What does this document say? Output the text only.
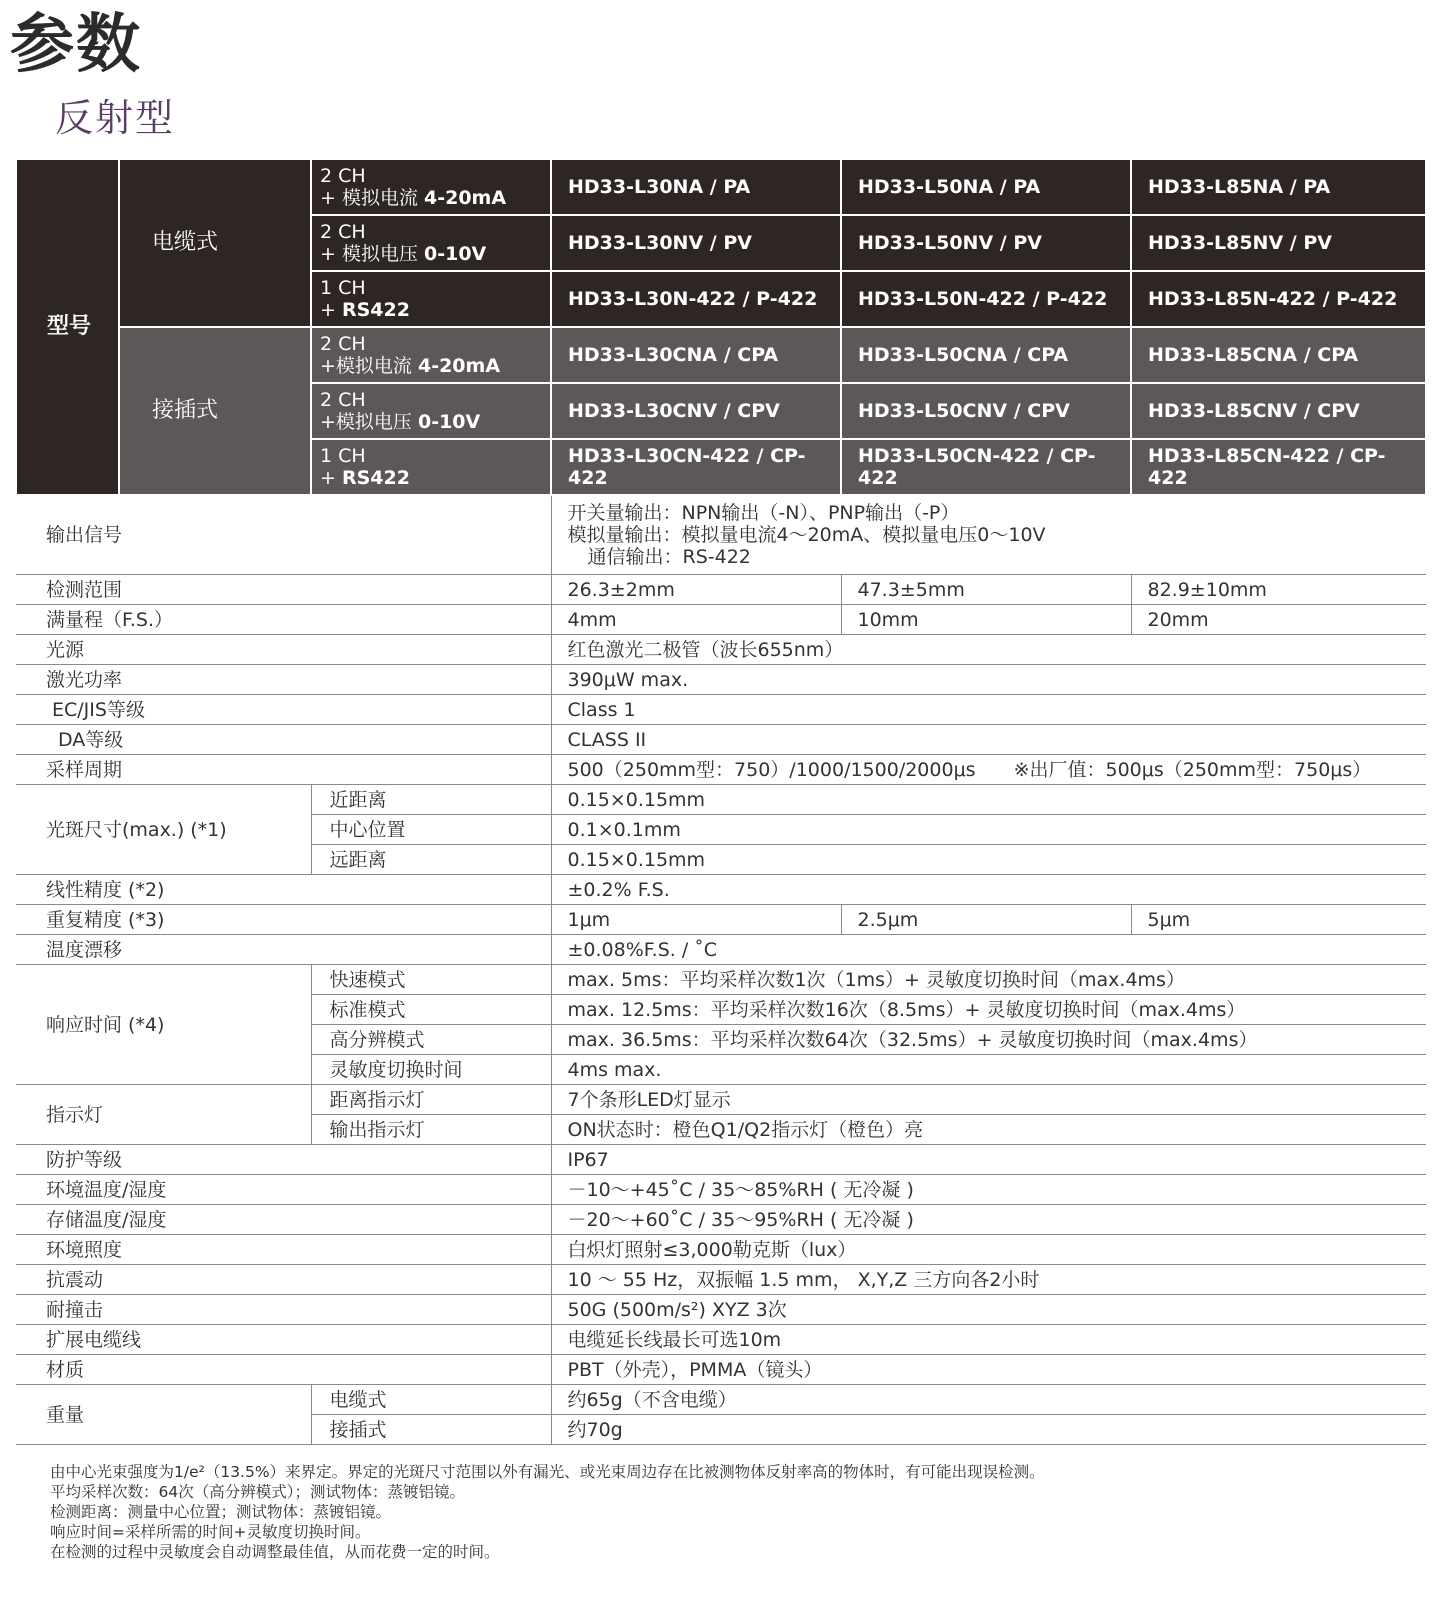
参数
反射型
型号	电缆式	2 CH
+ 模拟电流 4-20mA	HD33-L30NA / PA	HD33-L50NA / PA	HD33-L85NA / PA

		2 CH
+ 模拟电压 0-10V	HD33-L30NV / PV	HD33-L50NV / PV	HD33-L85NV / PV

		1 CH
+ RS422	HD33-L30N-422 / P-422	HD33-L50N-422 / P-422	HD33-L85N-422 / P-422
	接插式	2 CH
+模拟电流 4-20mA	HD33-L30CNA / CPA	HD33-L50CNA / CPA	HD33-L85CNA / CPA

		2 CH
+模拟电压 0-10V	HD33-L30CNV / CPV	HD33-L50CNV / CPV	HD33-L85CNV / CPV

		1 CH
+ RS422	HD33-L30CN-422 / CP-422	HD33-L50CN-422 / CP-422	HD33-L85CN-422 / CP-422
输出信号			开关量输出：NPN输出（-N）、PNP输出（-P）
模拟量输出：模拟量电流4～20mA、模拟量电压0～10V
通信输出：RS-422		

检测范围			26.3±2mm	47.3±5mm	82.9±10mm
满量程（F.S.）			4mm	10mm	20mm
光源			红色激光二极管（波长655nm）		
激光功率			390μW max.		
EC/JIS等级			Class 1		
DA等级			CLASS II		
采样周期			500（250mm型：750）/1000/1500/2000μs　　※出厂值：500μs（250mm型：750μs）		
光斑尺寸(max.) (*1)		近距离	0.15×0.15mm		
		中心位置	0.1×0.1mm		
		远距离	0.15×0.15mm		
线性精度 (*2)			±0.2% F.S.		
重复精度 (*3)			1μm	2.5μm	5μm
温度漂移			±0.08%F.S. / ˚C		
响应时间 (*4)		快速模式	max. 5ms：平均采样次数1次（1ms）+ 灵敏度切换时间（max.4ms）		
		标准模式	max. 12.5ms：平均采样次数16次（8.5ms）+ 灵敏度切换时间（max.4ms）		
		高分辨模式	max. 36.5ms：平均采样次数64次（32.5ms）+ 灵敏度切换时间（max.4ms）		
		灵敏度切换时间	4ms max.		
指示灯		距离指示灯	7个条形LED灯显示		
		输出指示灯	ON状态时：橙色Q1/Q2指示灯（橙色）亮		
防护等级			IP67		
环境温度/湿度			－10～+45˚C / 35～85%RH ( 无冷凝 )		
存储温度/湿度			－20～+60˚C / 35～95%RH ( 无冷凝 )		
环境照度			白炽灯照射≤3,000勒克斯（lux）		
抗震动			10 ～ 55 Hz，双振幅 1.5 mm， X,Y,Z 三方向各2小时		
耐撞击			50G (500m/s²) XYZ 3次		
扩展电缆线			电缆延长线最长可选10m		
材质			PBT（外壳），PMMA（镜头）		
重量		电缆式	约65g（不含电缆）		
		接插式	约70g		
由中心光束强度为1/e²（13.5%）来界定。界定的光斑尺寸范围以外有漏光、或光束周边存在比被测物体反射率高的物体时，有可能出现误检测。
平均采样次数：64次（高分辨模式）；测试物体：蒸镀铝镜。
检测距离：测量中心位置；测试物体：蒸镀铝镜。
响应时间=采样所需的时间+灵敏度切换时间。
在检测的过程中灵敏度会自动调整最佳值，从而花费一定的时间。
